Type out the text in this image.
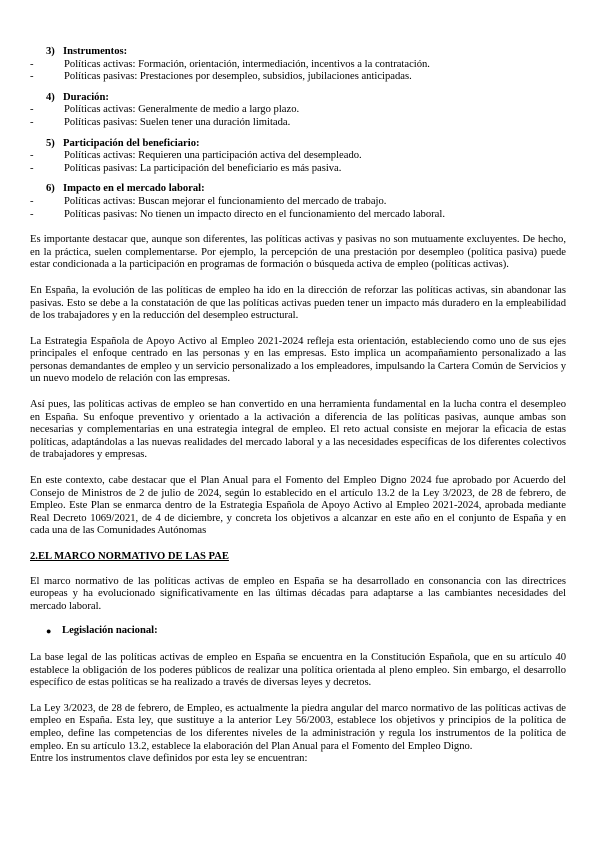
3) Instrumentos:
-	Políticas activas: Formación, orientación, intermediación, incentivos a la contratación.
-	Políticas pasivas: Prestaciones por desempleo, subsidios, jubilaciones anticipadas.
4) Duración:
-	Políticas activas: Generalmente de medio a largo plazo.
-	Políticas pasivas: Suelen tener una duración limitada.
5) Participación del beneficiario:
-	Políticas activas: Requieren una participación activa del desempleado.
-	Políticas pasivas: La participación del beneficiario es más pasiva.
6) Impacto en el mercado laboral:
-	Políticas activas: Buscan mejorar el funcionamiento del mercado de trabajo.
-	Políticas pasivas: No tienen un impacto directo en el funcionamiento del mercado laboral.

Es importante destacar que, aunque son diferentes, las políticas activas y pasivas no son mutuamente excluyentes. De hecho, en la práctica, suelen complementarse. Por ejemplo, la percepción de una prestación por desempleo (política pasiva) puede estar condicionada a la participación en programas de formación o búsqueda activa de empleo (políticas activas).

En España, la evolución de las políticas de empleo ha ido en la dirección de reforzar las políticas activas, sin abandonar las pasivas. Esto se debe a la constatación de que las políticas activas pueden tener un impacto más duradero en la empleabilidad de los trabajadores y en la reducción del desempleo estructural.

La Estrategia Española de Apoyo Activo al Empleo 2021-2024 refleja esta orientación, estableciendo como uno de sus ejes principales el enfoque centrado en las personas y en las empresas. Esto implica un acompañamiento personalizado a las personas demandantes de empleo y un servicio personalizado a los empleadores, impulsando la Cartera Común de Servicios y un nuevo modelo de relación con las empresas.

Así pues, las políticas activas de empleo se han convertido en una herramienta fundamental en la lucha contra el desempleo en España. Su enfoque preventivo y orientado a la activación a diferencia de las políticas pasivas, aunque ambas son necesarias y complementarias en una estrategia integral de empleo. El reto actual consiste en mejorar la eficacia de estas políticas, adaptándolas a las nuevas realidades del mercado laboral y a las necesidades específicas de los diferentes colectivos de trabajadores y empresas.

En este contexto, cabe destacar que el Plan Anual para el Fomento del Empleo Digno 2024 fue aprobado por Acuerdo del Consejo de Ministros de 2 de julio de 2024, según lo establecido en el artículo 13.2 de la Ley 3/2023, de 28 de febrero, de Empleo. Este Plan se enmarca dentro de la Estrategia Española de Apoyo Activo al Empleo 2021-2024, aprobada mediante Real Decreto 1069/2021, de 4 de diciembre, y concreta los objetivos a alcanzar en este año en el conjunto de España y en cada una de las Comunidades Autónomas

2.EL MARCO NORMATIVO DE LAS PAE

El marco normativo de las políticas activas de empleo en España se ha desarrollado en consonancia con las directrices europeas y ha evolucionado significativamente en las últimas décadas para adaptarse a las cambiantes necesidades del mercado laboral.

● Legislación nacional:

La base legal de las políticas activas de empleo en España se encuentra en la Constitución Española, que en su artículo 40 establece la obligación de los poderes públicos de realizar una política orientada al pleno empleo. Sin embargo, el desarrollo específico de estas políticas se ha realizado a través de diversas leyes y decretos.

La Ley 3/2023, de 28 de febrero, de Empleo, es actualmente la piedra angular del marco normativo de las políticas activas de empleo en España. Esta ley, que sustituye a la anterior Ley 56/2003, establece los objetivos y principios de la política de empleo, define las competencias de los diferentes niveles de la administración y regula los instrumentos de la política de empleo. En su artículo 13.2, establece la elaboración del Plan Anual para el Fomento del Empleo Digno.

Entre los instrumentos clave definidos por esta ley se encuentran:
